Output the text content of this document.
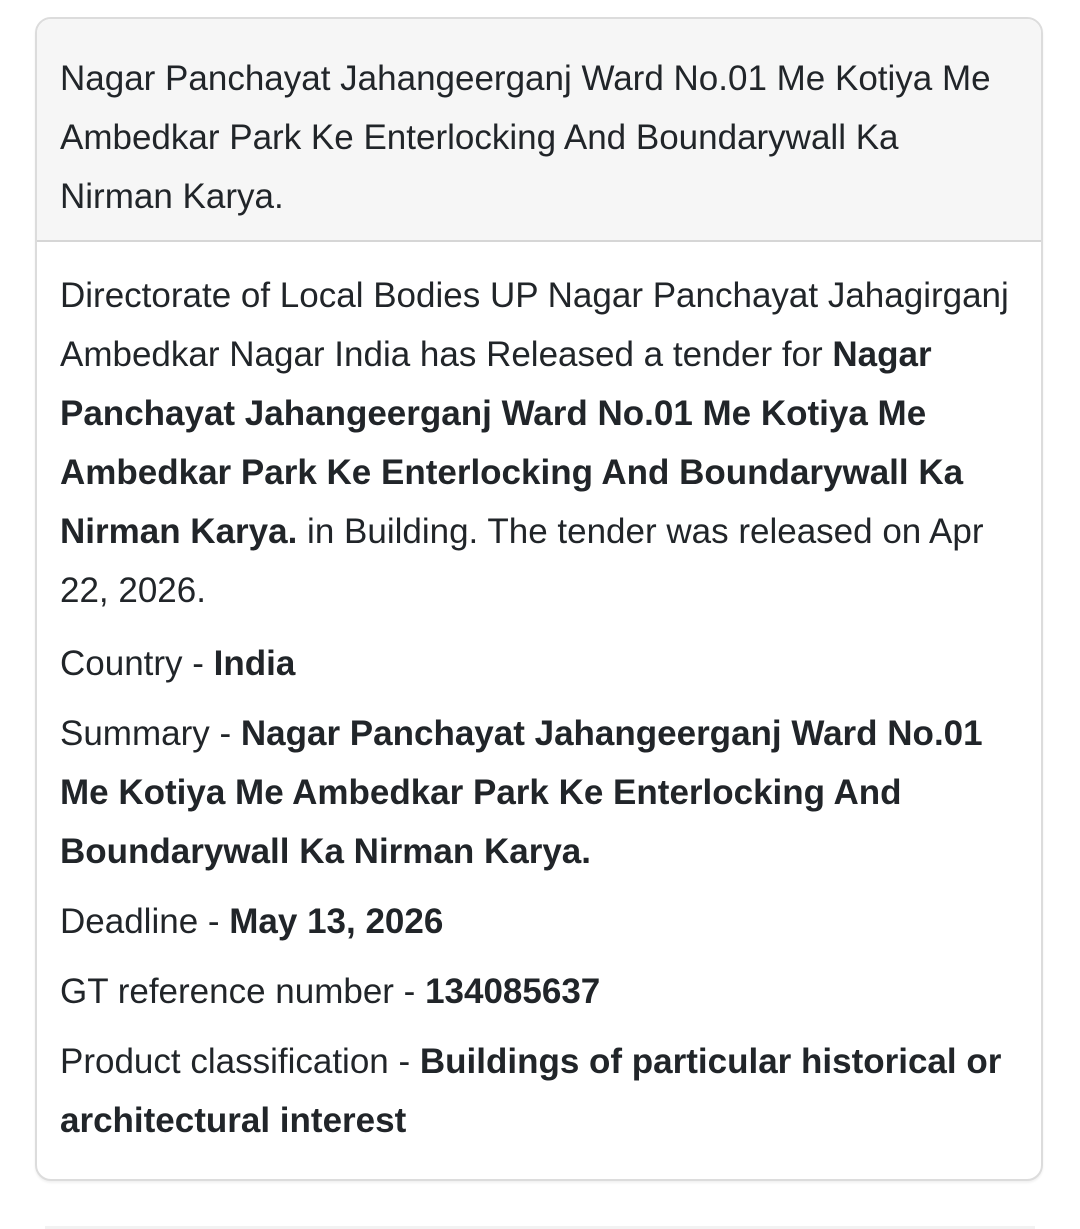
Nagar Panchayat Jahangeerganj Ward No.01 Me Kotiya Me Ambedkar Park Ke Enterlocking And Boundarywall Ka Nirman Karya.

Directorate of Local Bodies UP Nagar Panchayat Jahagirganj Ambedkar Nagar India has Released a tender for Nagar Panchayat Jahangeerganj Ward No.01 Me Kotiya Me Ambedkar Park Ke Enterlocking And Boundarywall Ka Nirman Karya. in Building. The tender was released on Apr 22, 2026.

Country - India
Summary - Nagar Panchayat Jahangeerganj Ward No.01 Me Kotiya Me Ambedkar Park Ke Enterlocking And Boundarywall Ka Nirman Karya.
Deadline - May 13, 2026
GT reference number - 134085637
Product classification - Buildings of particular historical or architectural interest
